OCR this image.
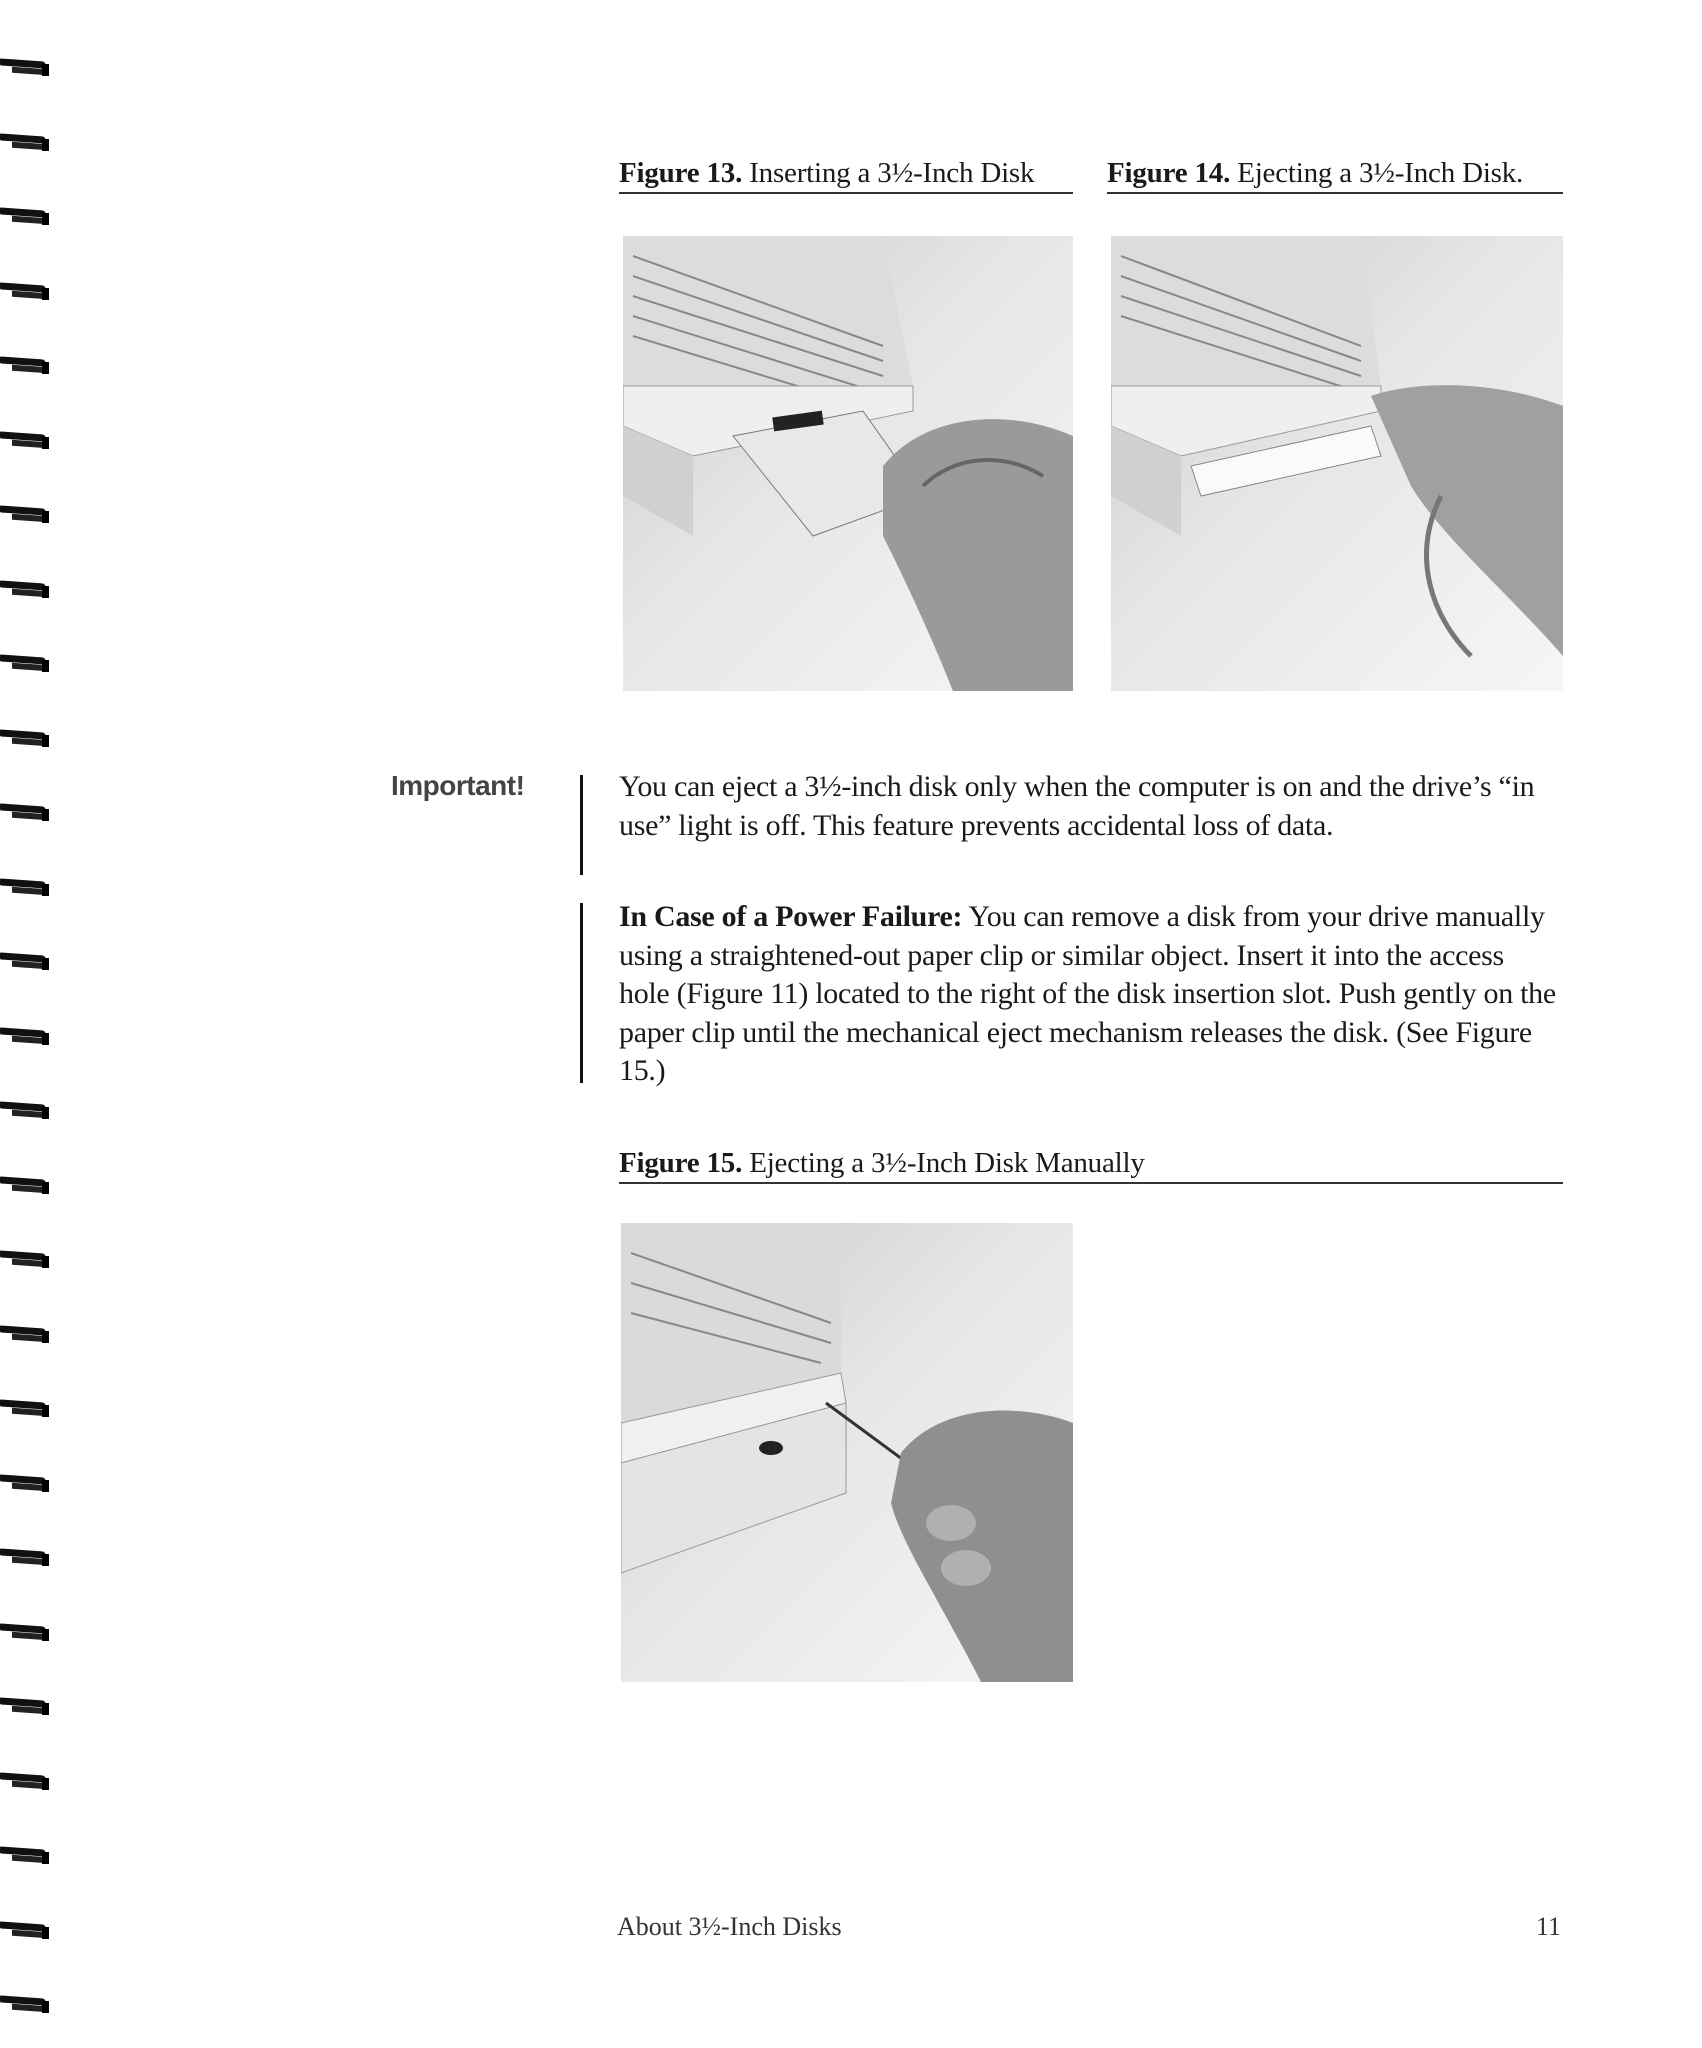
Figure 13. Inserting a 3½-Inch Disk	Figure 14. Ejecting a 3½-Inch Disk.
Important!	You can eject a 3½-inch disk only when the computer is on and the drive’s “in use” light is off. This feature prevents accidental loss of data.
In Case of a Power Failure: You can remove a disk from your drive manually using a straightened-out paper clip or similar object. Insert it into the access hole (Figure 11) located to the right of the disk insertion slot. Push gently on the paper clip until the mechanical eject mechanism releases the disk. (See Figure 15.)
Figure 15. Ejecting a 3½-Inch Disk Manually
About 3½-Inch Disks	11
